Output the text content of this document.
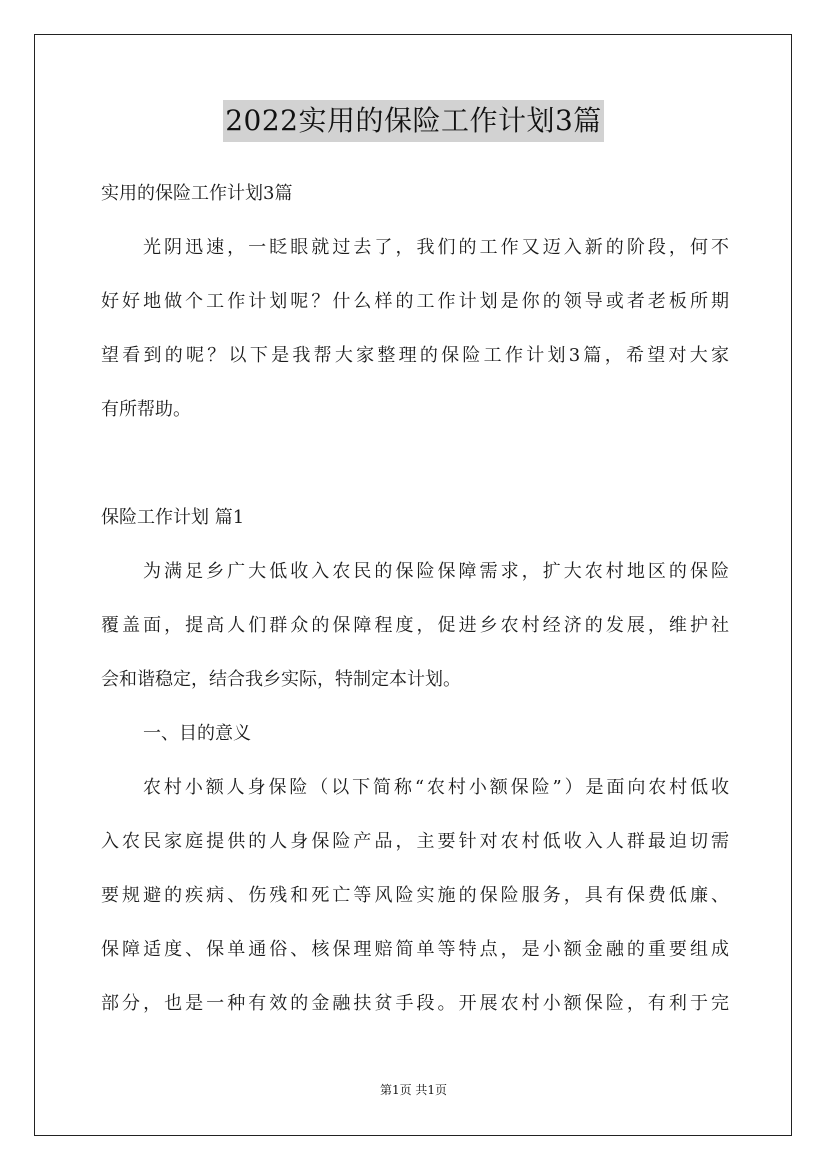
2022实用的保险工作计划3篇
实用的保险工作计划3篇
光阴迅速，一眨眼就过去了，我们的工作又迈入新的阶段，何不
好好地做个工作计划呢？什么样的工作计划是你的领导或者老板所期
望看到的呢？以下是我帮大家整理的保险工作计划3篇，希望对大家
有所帮助。
保险工作计划 篇1
为满足乡广大低收入农民的保险保障需求，扩大农村地区的保险
覆盖面，提高人们群众的保障程度，促进乡农村经济的发展，维护社
会和谐稳定，结合我乡实际，特制定本计划。
一、目的意义
农村小额人身保险（以下简称“农村小额保险”）是面向农村低收
入农民家庭提供的人身保险产品，主要针对农村低收入人群最迫切需
要规避的疾病、伤残和死亡等风险实施的保险服务，具有保费低廉、
保障适度、保单通俗、核保理赔简单等特点，是小额金融的重要组成
部分，也是一种有效的金融扶贫手段。开展农村小额保险，有利于完
第1页 共1页
